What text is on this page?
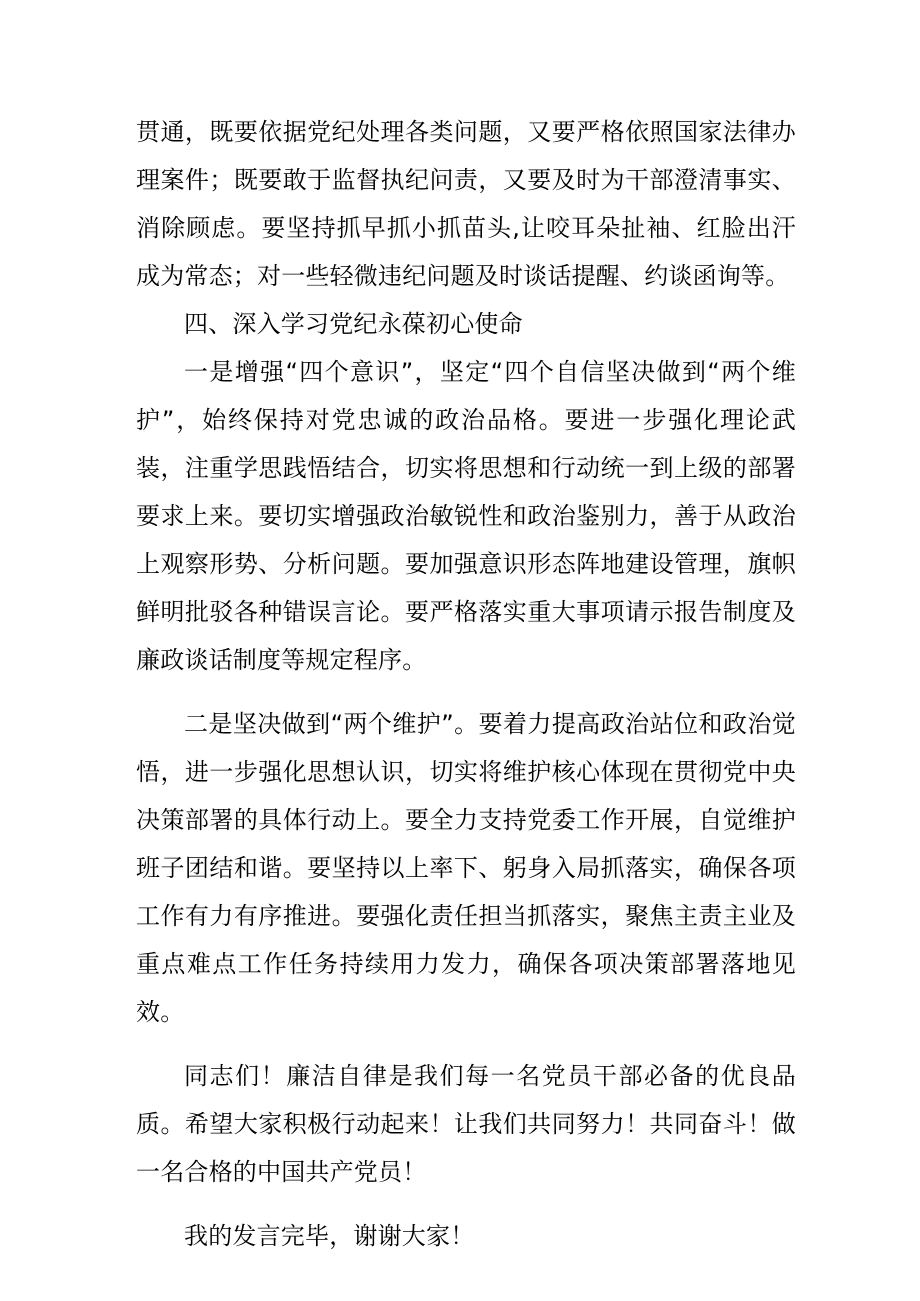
贯通，既要依据党纪处理各类问题，又要严格依照国家法律办理案件；既要敢于监督执纪问责，又要及时为干部澄清事实、消除顾虑。要坚持抓早抓小抓苗头,让咬耳朵扯袖、红脸出汗成为常态；对一些轻微违纪问题及时谈话提醒、约谈函询等。

四、深入学习党纪永葆初心使命

一是增强“四个意识”，坚定“四个自信坚决做到“两个维护”，始终保持对党忠诚的政治品格。要进一步强化理论武装，注重学思践悟结合，切实将思想和行动统一到上级的部署要求上来。要切实增强政治敏锐性和政治鉴别力，善于从政治上观察形势、分析问题。要加强意识形态阵地建设管理，旗帜鲜明批驳各种错误言论。要严格落实重大事项请示报告制度及廉政谈话制度等规定程序。

二是坚决做到“两个维护”。要着力提高政治站位和政治觉悟，进一步强化思想认识，切实将维护核心体现在贯彻党中央决策部署的具体行动上。要全力支持党委工作开展，自觉维护班子团结和谐。要坚持以上率下、躬身入局抓落实，确保各项工作有力有序推进。要强化责任担当抓落实，聚焦主责主业及重点难点工作任务持续用力发力，确保各项决策部署落地见效。

同志们！廉洁自律是我们每一名党员干部必备的优良品质。希望大家积极行动起来！让我们共同努力！共同奋斗！做一名合格的中国共产党员！

我的发言完毕，谢谢大家！
